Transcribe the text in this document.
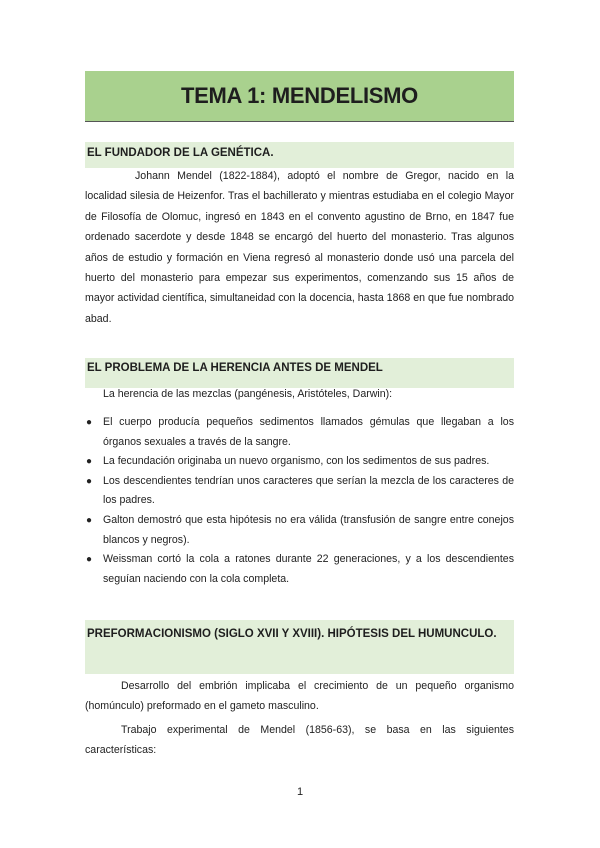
TEMA 1: MENDELISMO
EL FUNDADOR DE LA GENÉTICA.

Johann Mendel (1822-1884), adoptó el nombre de Gregor, nacido en la localidad silesia de Heizenfor. Tras el bachillerato y mientras estudiaba en el colegio Mayor de Filosofía de Olomuc, ingresó en 1843 en el convento agustino de Brno, en 1847 fue ordenado sacerdote y desde 1848 se encargó del huerto del monasterio. Tras algunos años de estudio y formación en Viena regresó al monasterio donde usó una parcela del huerto del monasterio para empezar sus experimentos, comenzando sus 15 años de mayor actividad científica, simultaneidad con la docencia, hasta 1868 en que fue nombrado abad.

EL PROBLEMA DE LA HERENCIA ANTES DE MENDEL
La herencia de las mezclas (pangénesis, Aristóteles, Darwin):
● El cuerpo producía pequeños sedimentos llamados gémulas que llegaban a los órganos sexuales a través de la sangre.
● La fecundación originaba un nuevo organismo, con los sedimentos de sus padres.
● Los descendientes tendrían unos caracteres que serían la mezcla de los caracteres de los padres.
● Galton demostró que esta hipótesis no era válida (transfusión de sangre entre conejos blancos y negros).
● Weissman cortó la cola a ratones durante 22 generaciones, y a los descendientes seguían naciendo con la cola completa.
PREFORMACIONISMO (SIGLO XVII Y XVIII). HIPÓTESIS DEL HUMUNCULO.

Desarrollo del embrión implicaba el crecimiento de un pequeño organismo (homúnculo) preformado en el gameto masculino.

Trabajo experimental de Mendel (1856-63), se basa en las siguientes características:

1
